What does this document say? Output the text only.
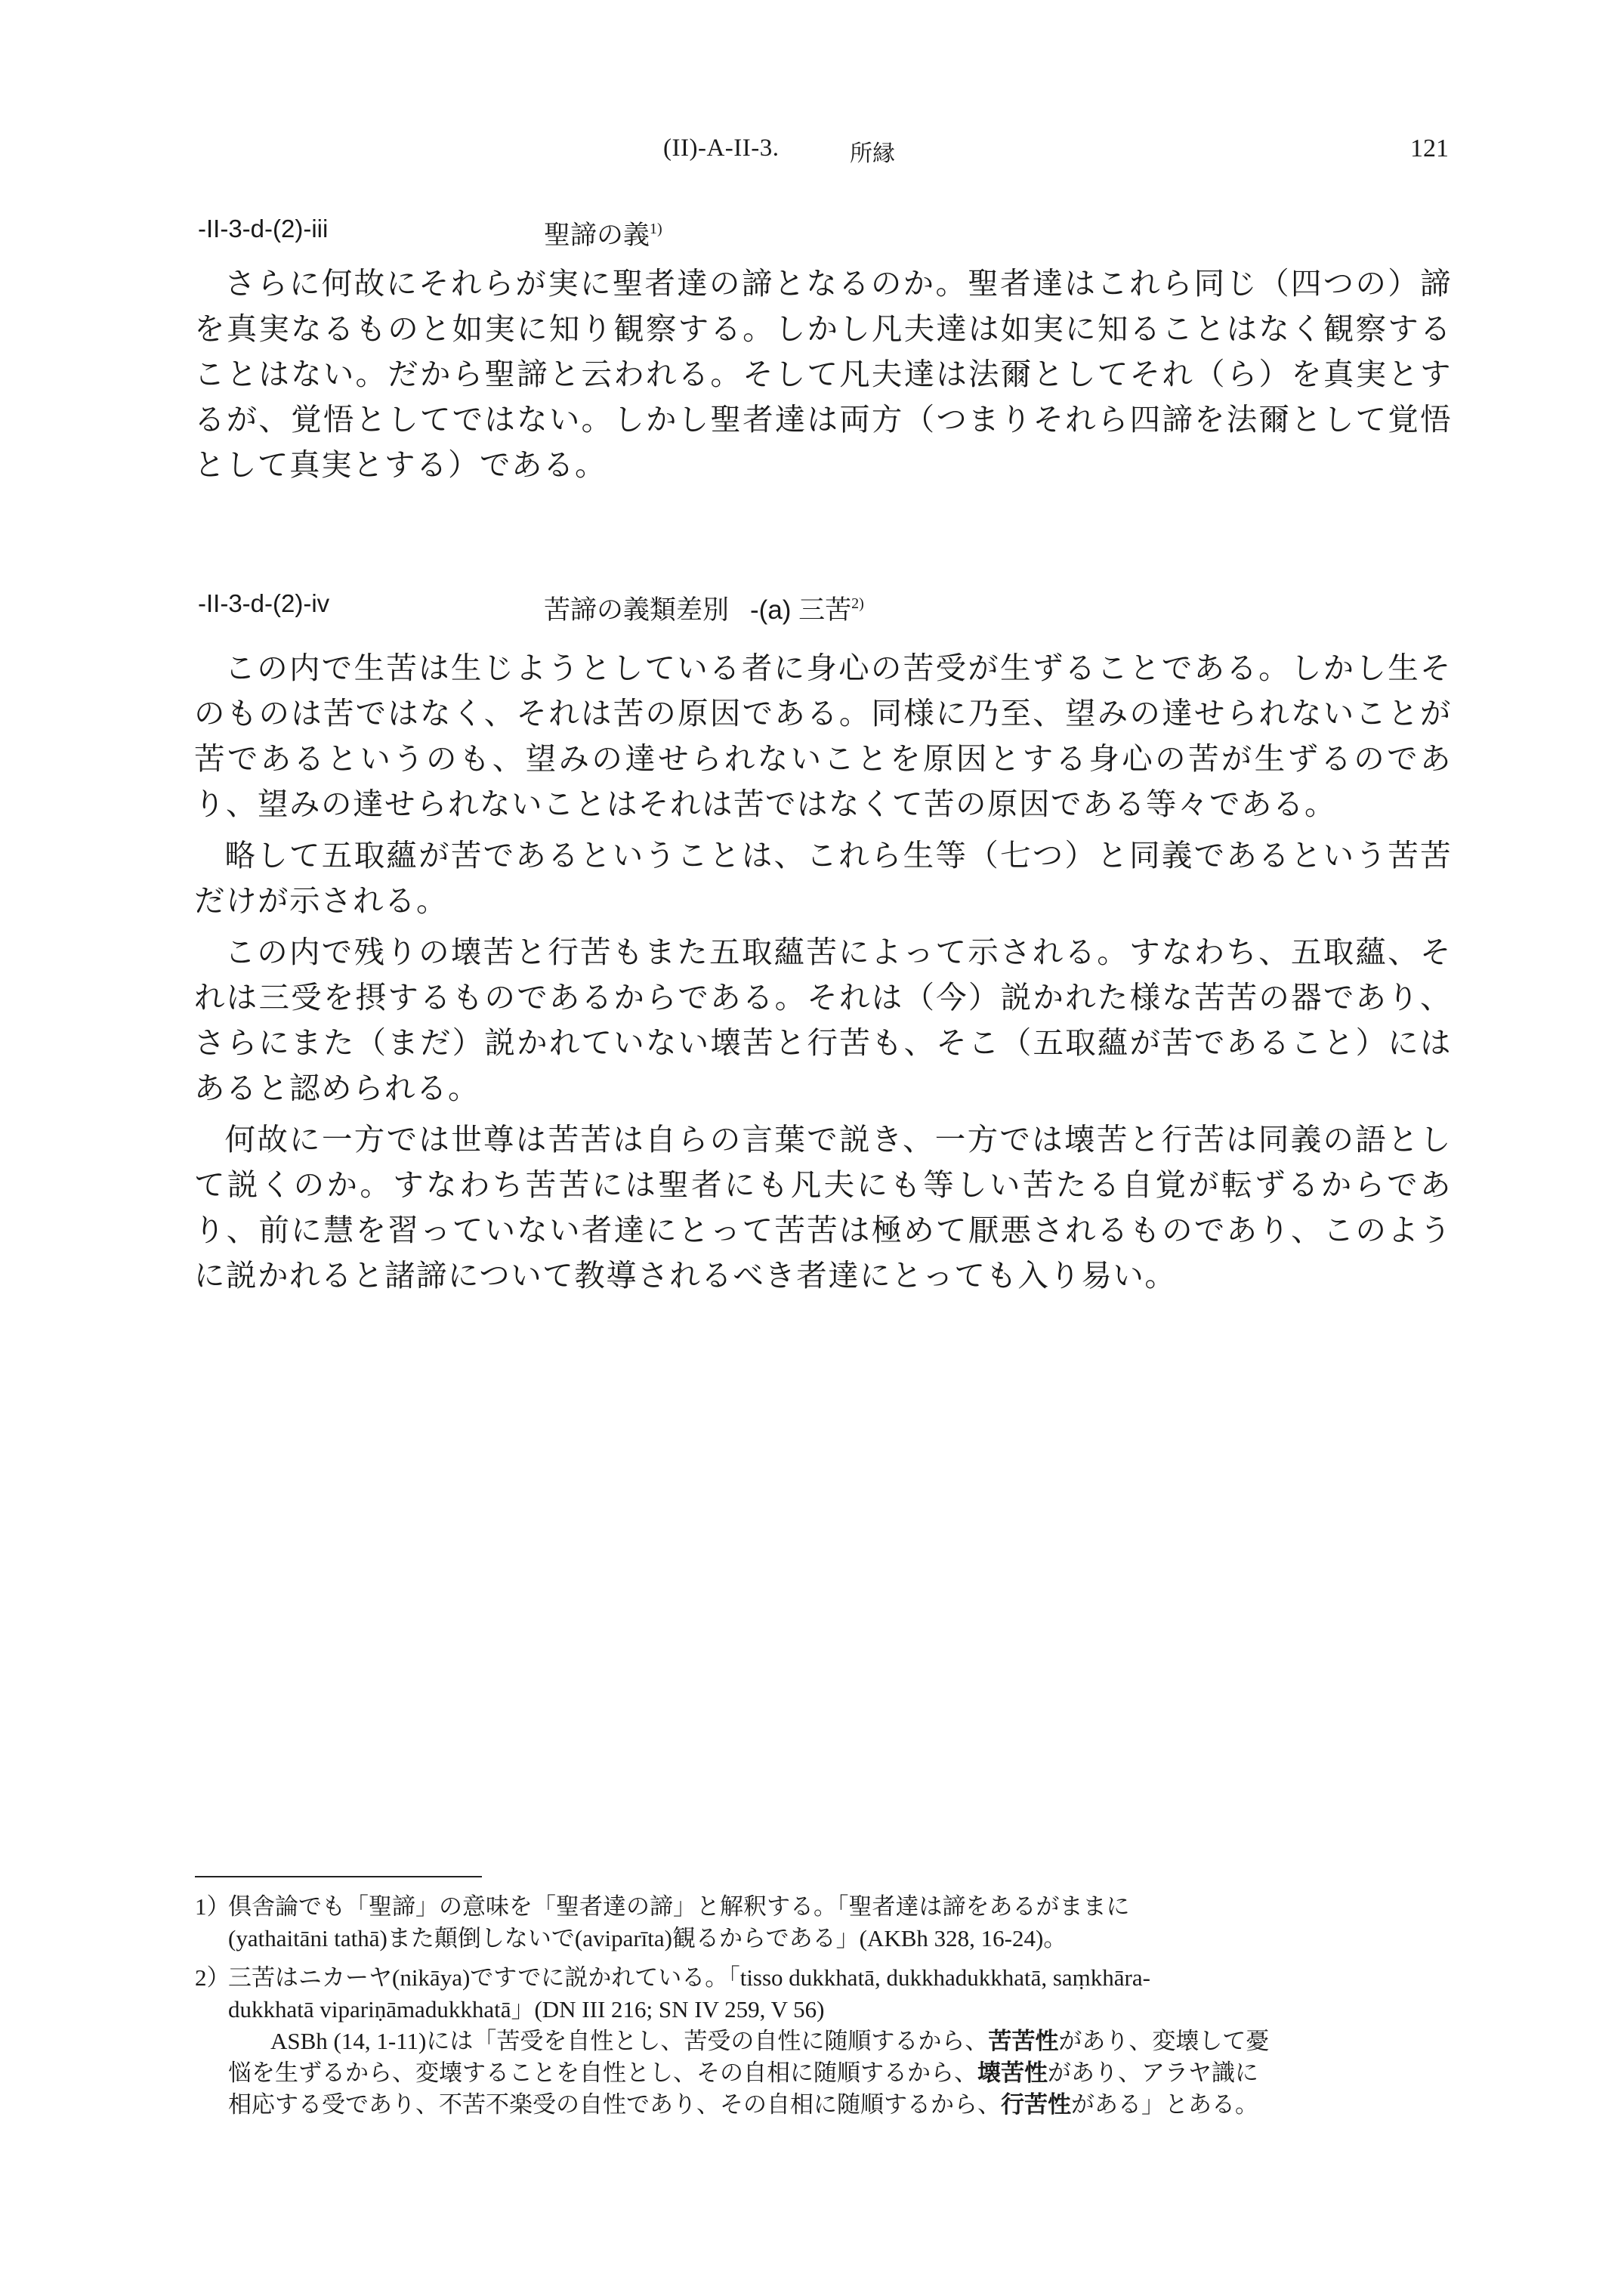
(II)-A-II-3.	所縁	121
-II-3-d-(2)-iii	聖諦の義$^{1)}$

さらに何故にそれらが実に聖者達の諦となるのか。聖者達はこれら同じ（四つの）諦を真実なるものと如実に知り観察する。しかし凡夫達は如実に知ることはなく観察することはない。だから聖諦と云われる。そして凡夫達は法爾としてそれ（ら）を真実とするが、覚悟としてではない。しかし聖者達は両方（つまりそれら四諦を法爾として覚悟として真実とする）である。

-II-3-d-(2)-iv	苦諦の義類差別 -(a) 三苦$^{2)}$

この内で生苦は生じようとしている者に身心の苦受が生ずることである。しかし生そのものは苦ではなく、それは苦の原因である。同様に乃至、望みの達せられないことが苦であるというのも、望みの達せられないことを原因とする身心の苦が生ずるのであり、望みの達せられないことはそれは苦ではなくて苦の原因である等々である。

略して五取蘊が苦であるということは、これら生等（七つ）と同義であるという苦苦だけが示される。

この内で残りの壊苦と行苦もまた五取蘊苦によって示される。すなわち、五取蘊、それは三受を摂するものであるからである。それは（今）説かれた様な苦苦の器であり、さらにまた（まだ）説かれていない壊苦と行苦も、そこ（五取蘊が苦であること）にはあると認められる。

何故に一方では世尊は苦苦は自らの言葉で説き、一方では壊苦と行苦は同義の語として説くのか。すなわち苦苦には聖者にも凡夫にも等しい苦たる自覚が転ずるからであり、前に慧を習っていない者達にとって苦苦は極めて厭悪されるものであり、このように説かれると諸諦について教導されるべき者達にとっても入り易い。

1）
倶舎論でも「聖諦」の意味を「聖者達の諦」と解釈する。「聖者達は諦をあるがままに
(yathaitāni tathā)また顛倒しないで(aviparīta)観るからである」(AKBh 328, 16-24)。
2）
三苦はニカーヤ(nikāya)ですでに説かれている。「tisso dukkhatā, dukkhadukkhatā, saṃkhāra-
dukkhatā vipariṇāmadukkhatā」(DN III 216; SN IV 259, V 56)
ASBh (14, 1-11)には「苦受を自性とし、苦受の自性に随順するから、苦苦性があり、変壊して憂
悩を生ずるから、変壊することを自性とし、その自相に随順するから、壊苦性があり、アラヤ識に
相応する受であり、不苦不楽受の自性であり、その自相に随順するから、行苦性がある」とある。
